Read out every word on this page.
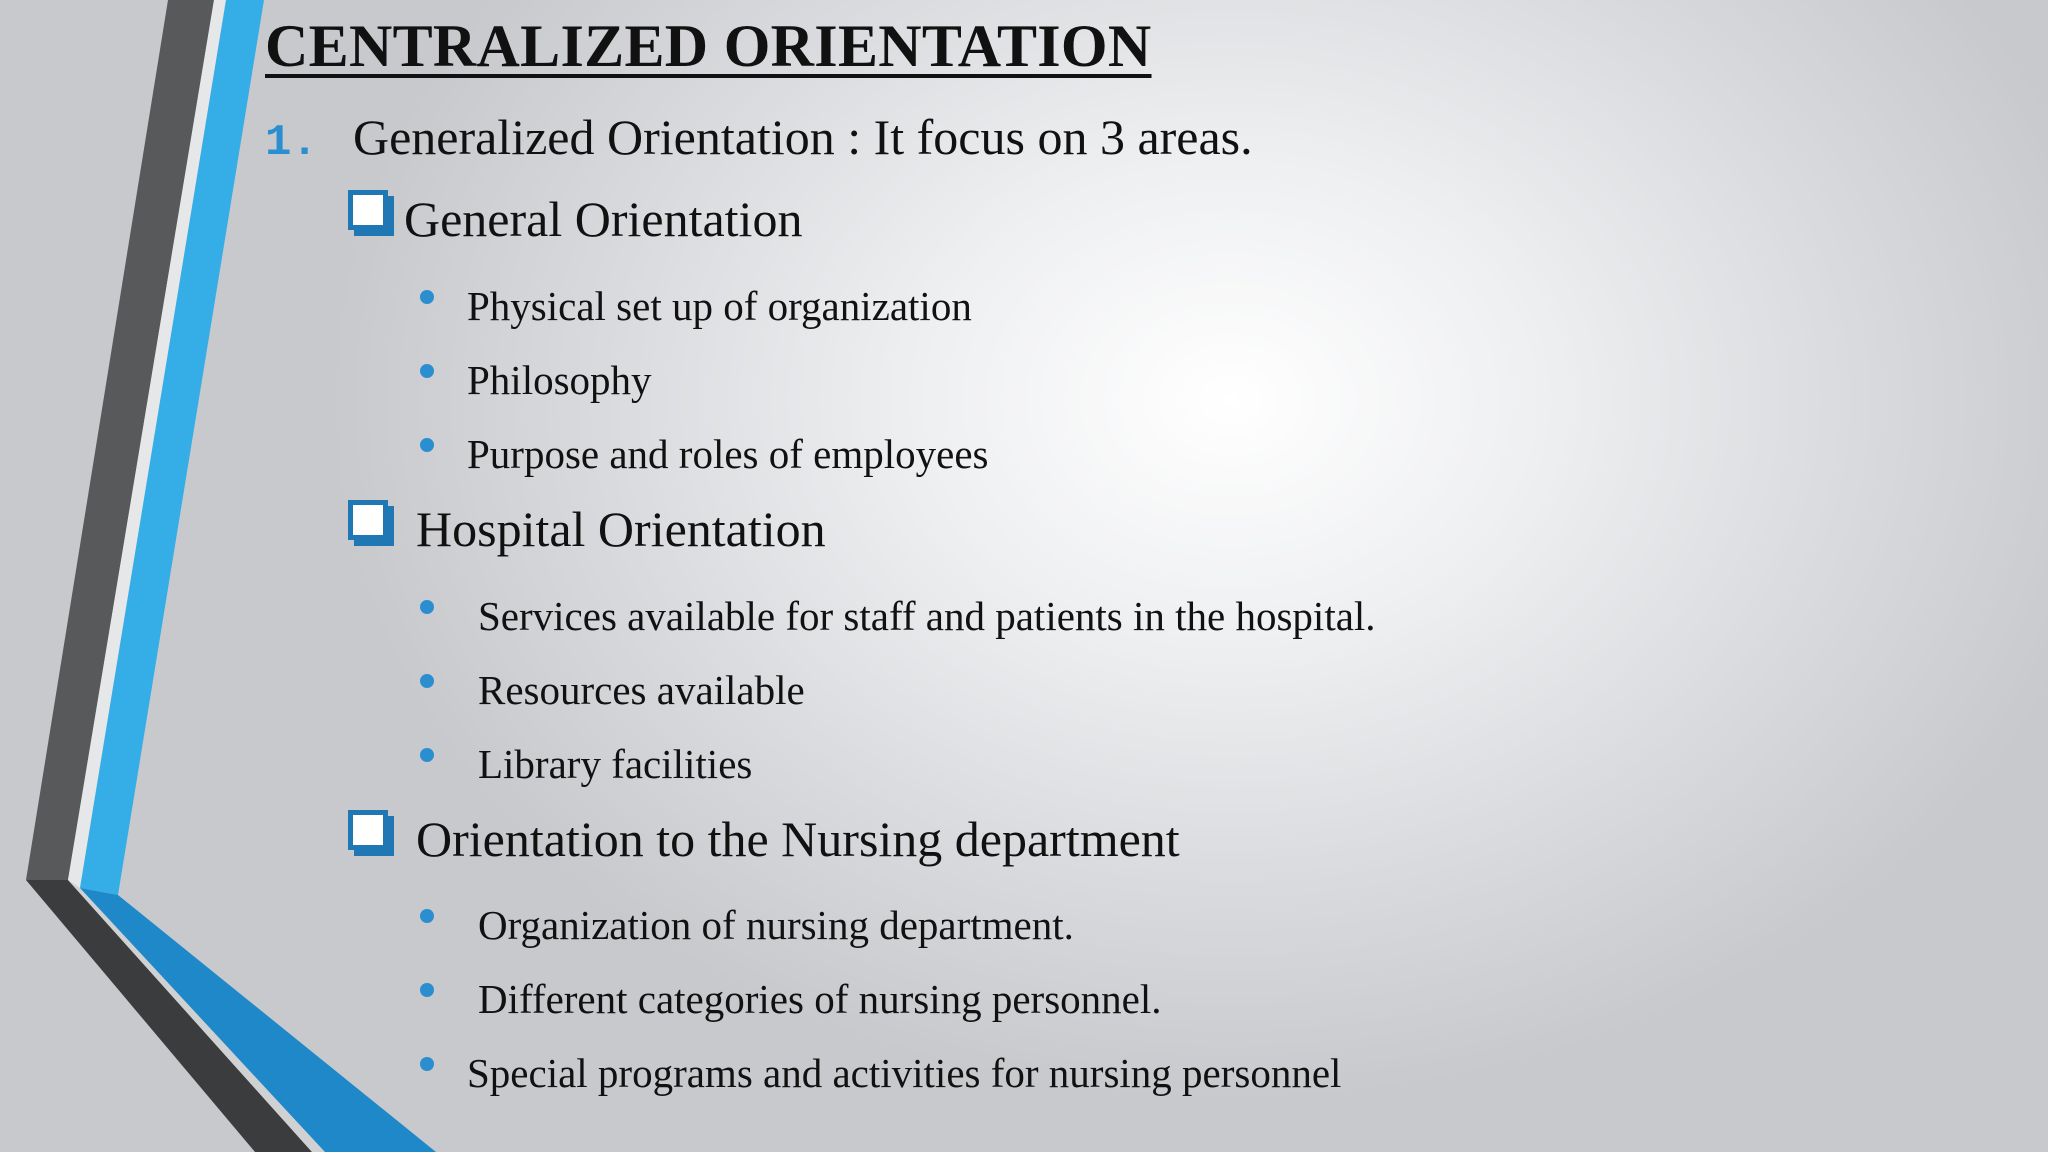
CENTRALIZED ORIENTATION
1. Generalized Orientation : It focus on 3 areas.
General Orientation
Physical set up of organization
Philosophy
Purpose and roles of employees
Hospital Orientation
Services available for staff and patients in the hospital.
Resources available
Library facilities
Orientation to the Nursing department
Organization of nursing department.
Different categories of nursing personnel.
Special programs and activities for nursing personnel
